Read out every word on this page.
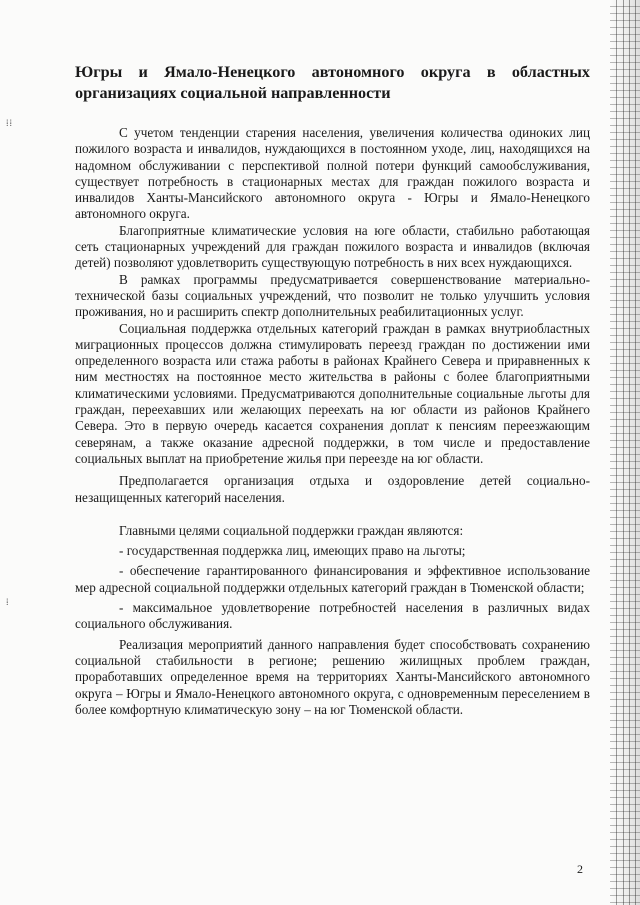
Югры и Ямало-Ненецкого автономного округа в областных организациях социальной направленности

С учетом тенденции старения населения, увеличения количества одиноких лиц пожилого возраста и инвалидов, нуждающихся в постоянном уходе, лиц, находящихся на надомном обслуживании с перспективой полной потери функций самообслуживания, существует потребность в стационарных местах для граждан пожилого возраста и инвалидов Ханты-Мансийского автономного округа - Югры и Ямало-Ненецкого автономного округа.

Благоприятные климатические условия на юге области, стабильно работающая сеть стационарных учреждений для граждан пожилого возраста и инвалидов (включая детей) позволяют удовлетворить существующую потребность в них всех нуждающихся.

В рамках программы предусматривается совершенствование материально-технической базы социальных учреждений, что позволит не только улучшить условия проживания, но и расширить спектр дополнительных реабилитационных услуг.

Социальная поддержка отдельных категорий граждан в рамках внутриобластных миграционных процессов должна стимулировать переезд граждан по достижении ими определенного возраста или стажа работы в районах Крайнего Севера и приравненных к ним местностях на постоянное место жительства в районы с более благоприятными климатическими условиями. Предусматриваются дополнительные социальные льготы для граждан, переехавших или желающих переехать на юг области из районов Крайнего Севера. Это в первую очередь касается сохранения доплат к пенсиям переезжающим северянам, а также оказание адресной поддержки, в том числе и предоставление социальных выплат на приобретение жилья при переезде на юг области.

Предполагается организация отдыха и оздоровление детей социально-незащищенных категорий населения.

Главными целями социальной поддержки граждан являются:

- государственная поддержка лиц, имеющих право на льготы;

- обеспечение гарантированного финансирования и эффективное использование мер адресной социальной поддержки отдельных категорий граждан в Тюменской области;

- максимальное удовлетворение потребностей населения в различных видах социального обслуживания.

Реализация мероприятий данного направления будет способствовать сохранению социальной стабильности в регионе; решению жилищных проблем граждан, проработавших определенное время на территориях Ханты-Мансийского автономного округа – Югры и Ямало-Ненецкого автономного округа, с одновременным переселением в более комфортную климатическую зону – на юг Тюменской области.

2
⁞⁞
⁞
